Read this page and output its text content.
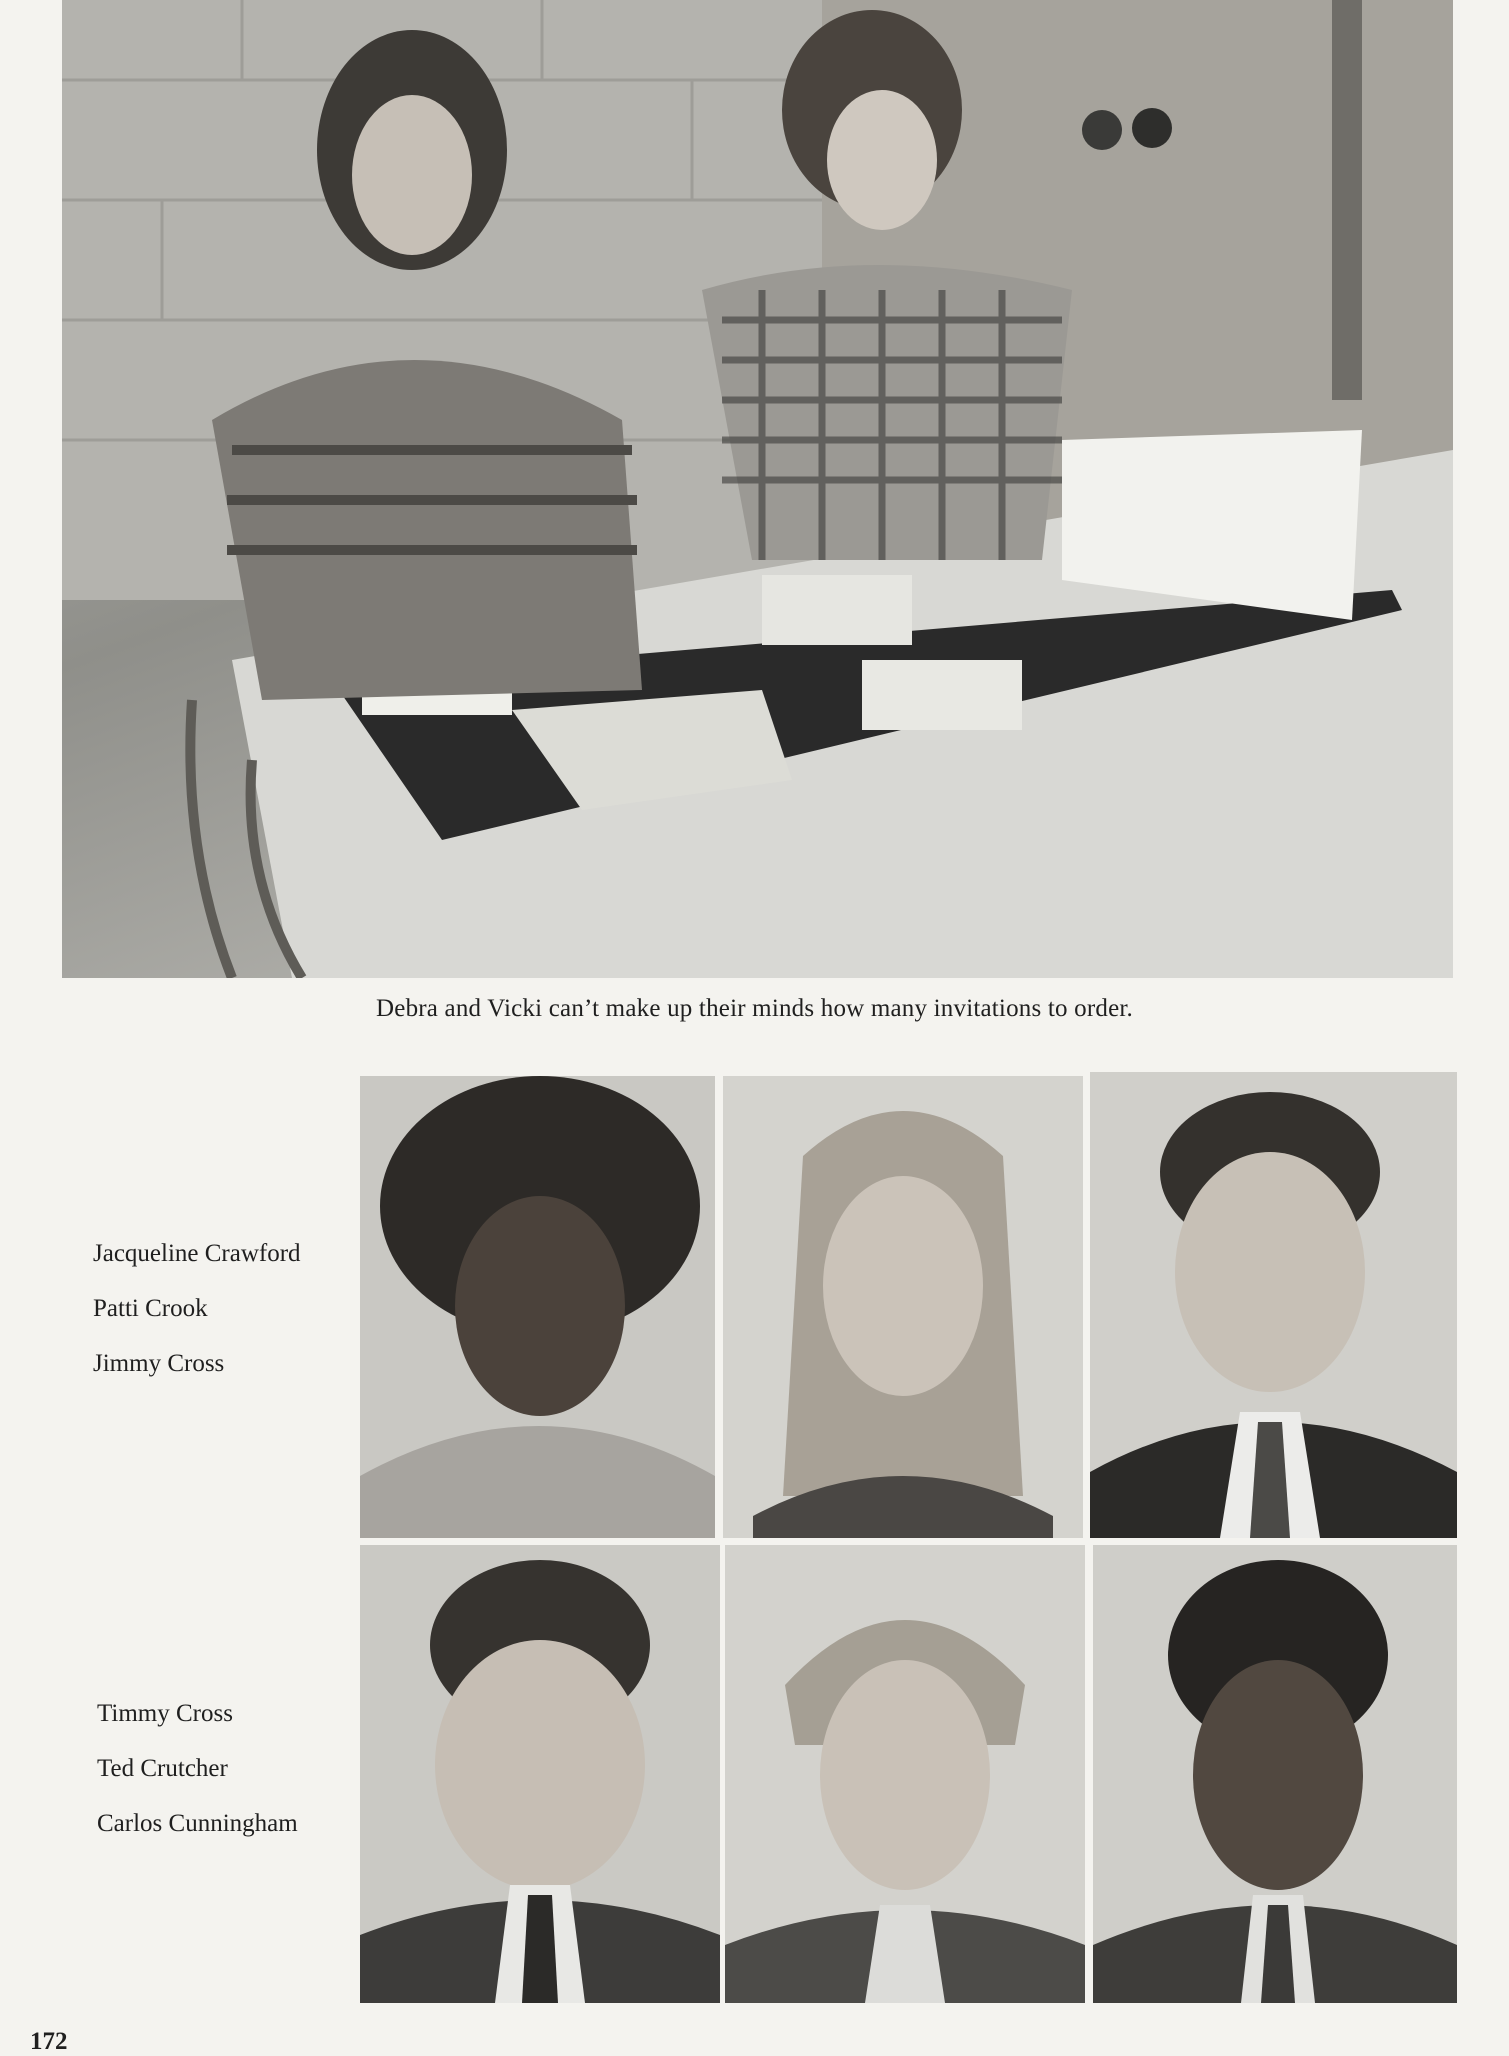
Debra and Vicki can’t make up their minds how many invitations to order.
Jacqueline Crawford
Patti Crook
Jimmy Cross
Timmy Cross
Ted Crutcher
Carlos Cunningham
172
